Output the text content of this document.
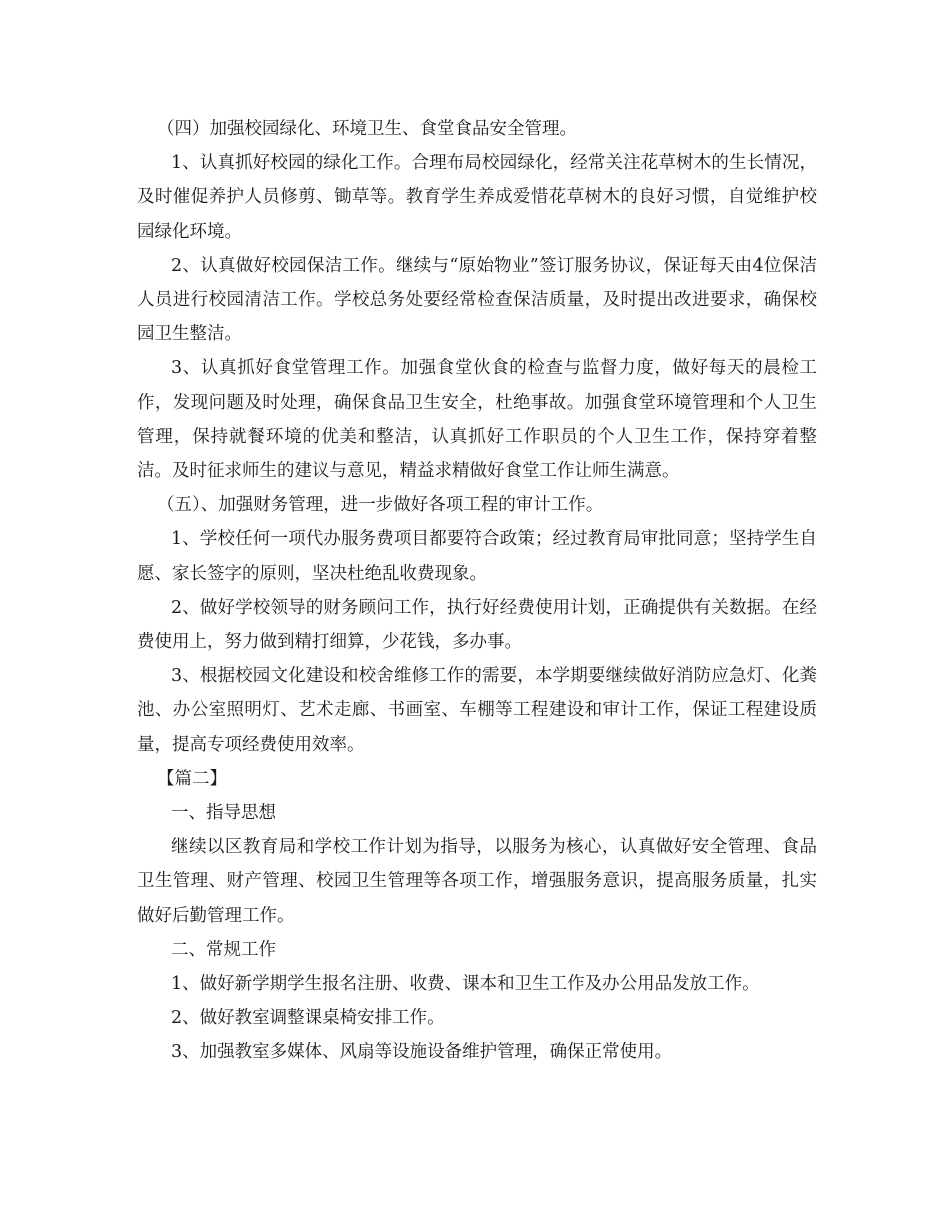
（四）加强校园绿化、环境卫生、食堂食品安全管理。

1、认真抓好校园的绿化工作。合理布局校园绿化，经常关注花草树木的生长情况，及时催促养护人员修剪、锄草等。教育学生养成爱惜花草树木的良好习惯，自觉维护校园绿化环境。

2、认真做好校园保洁工作。继续与“原始物业”签订服务协议，保证每天由4位保洁人员进行校园清洁工作。学校总务处要经常检查保洁质量，及时提出改进要求，确保校园卫生整洁。

3、认真抓好食堂管理工作。加强食堂伙食的检查与监督力度，做好每天的晨检工作，发现问题及时处理，确保食品卫生安全，杜绝事故。加强食堂环境管理和个人卫生管理，保持就餐环境的优美和整洁，认真抓好工作职员的个人卫生工作，保持穿着整洁。及时征求师生的建议与意见，精益求精做好食堂工作让师生满意。

（五）、加强财务管理，进一步做好各项工程的审计工作。

1、学校任何一项代办服务费项目都要符合政策；经过教育局审批同意；坚持学生自愿、家长签字的原则，坚决杜绝乱收费现象。

2、做好学校领导的财务顾问工作，执行好经费使用计划，正确提供有关数据。在经费使用上，努力做到精打细算，少花钱，多办事。

3、根据校园文化建设和校舍维修工作的需要，本学期要继续做好消防应急灯、化粪池、办公室照明灯、艺术走廊、书画室、车棚等工程建设和审计工作，保证工程建设质量，提高专项经费使用效率。

【篇二】

一、指导思想

继续以区教育局和学校工作计划为指导，以服务为核心，认真做好安全管理、食品卫生管理、财产管理、校园卫生管理等各项工作，增强服务意识，提高服务质量，扎实做好后勤管理工作。

二、常规工作

1、做好新学期学生报名注册、收费、课本和卫生工作及办公用品发放工作。

2、做好教室调整课桌椅安排工作。

3、加强教室多媒体、风扇等设施设备维护管理，确保正常使用。
